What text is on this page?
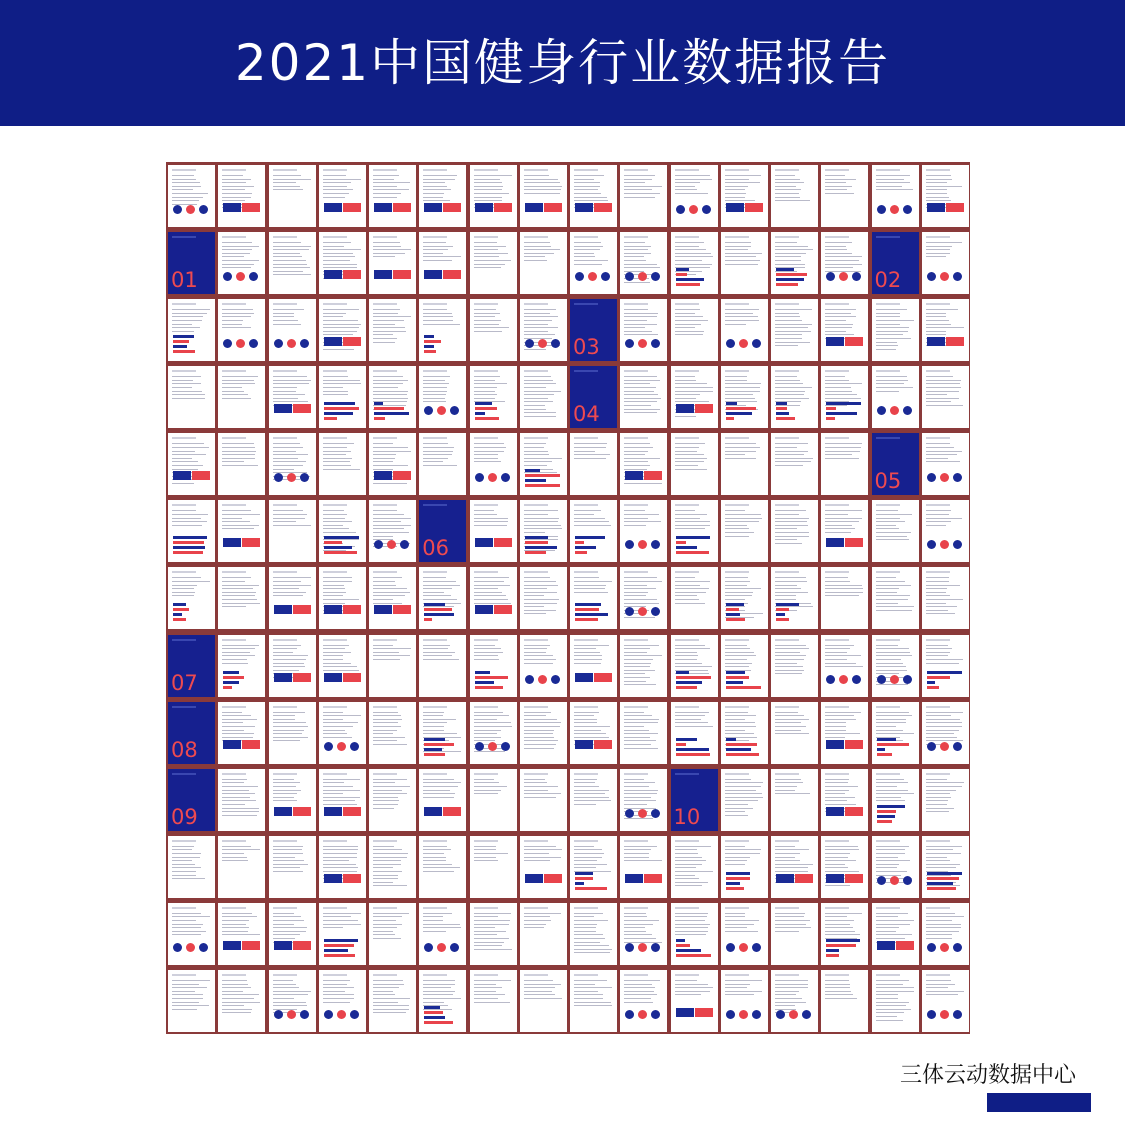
2021中国健身行业数据报告
01	02
03
04
05
06
07
08
09	10

三体云动数据中心
